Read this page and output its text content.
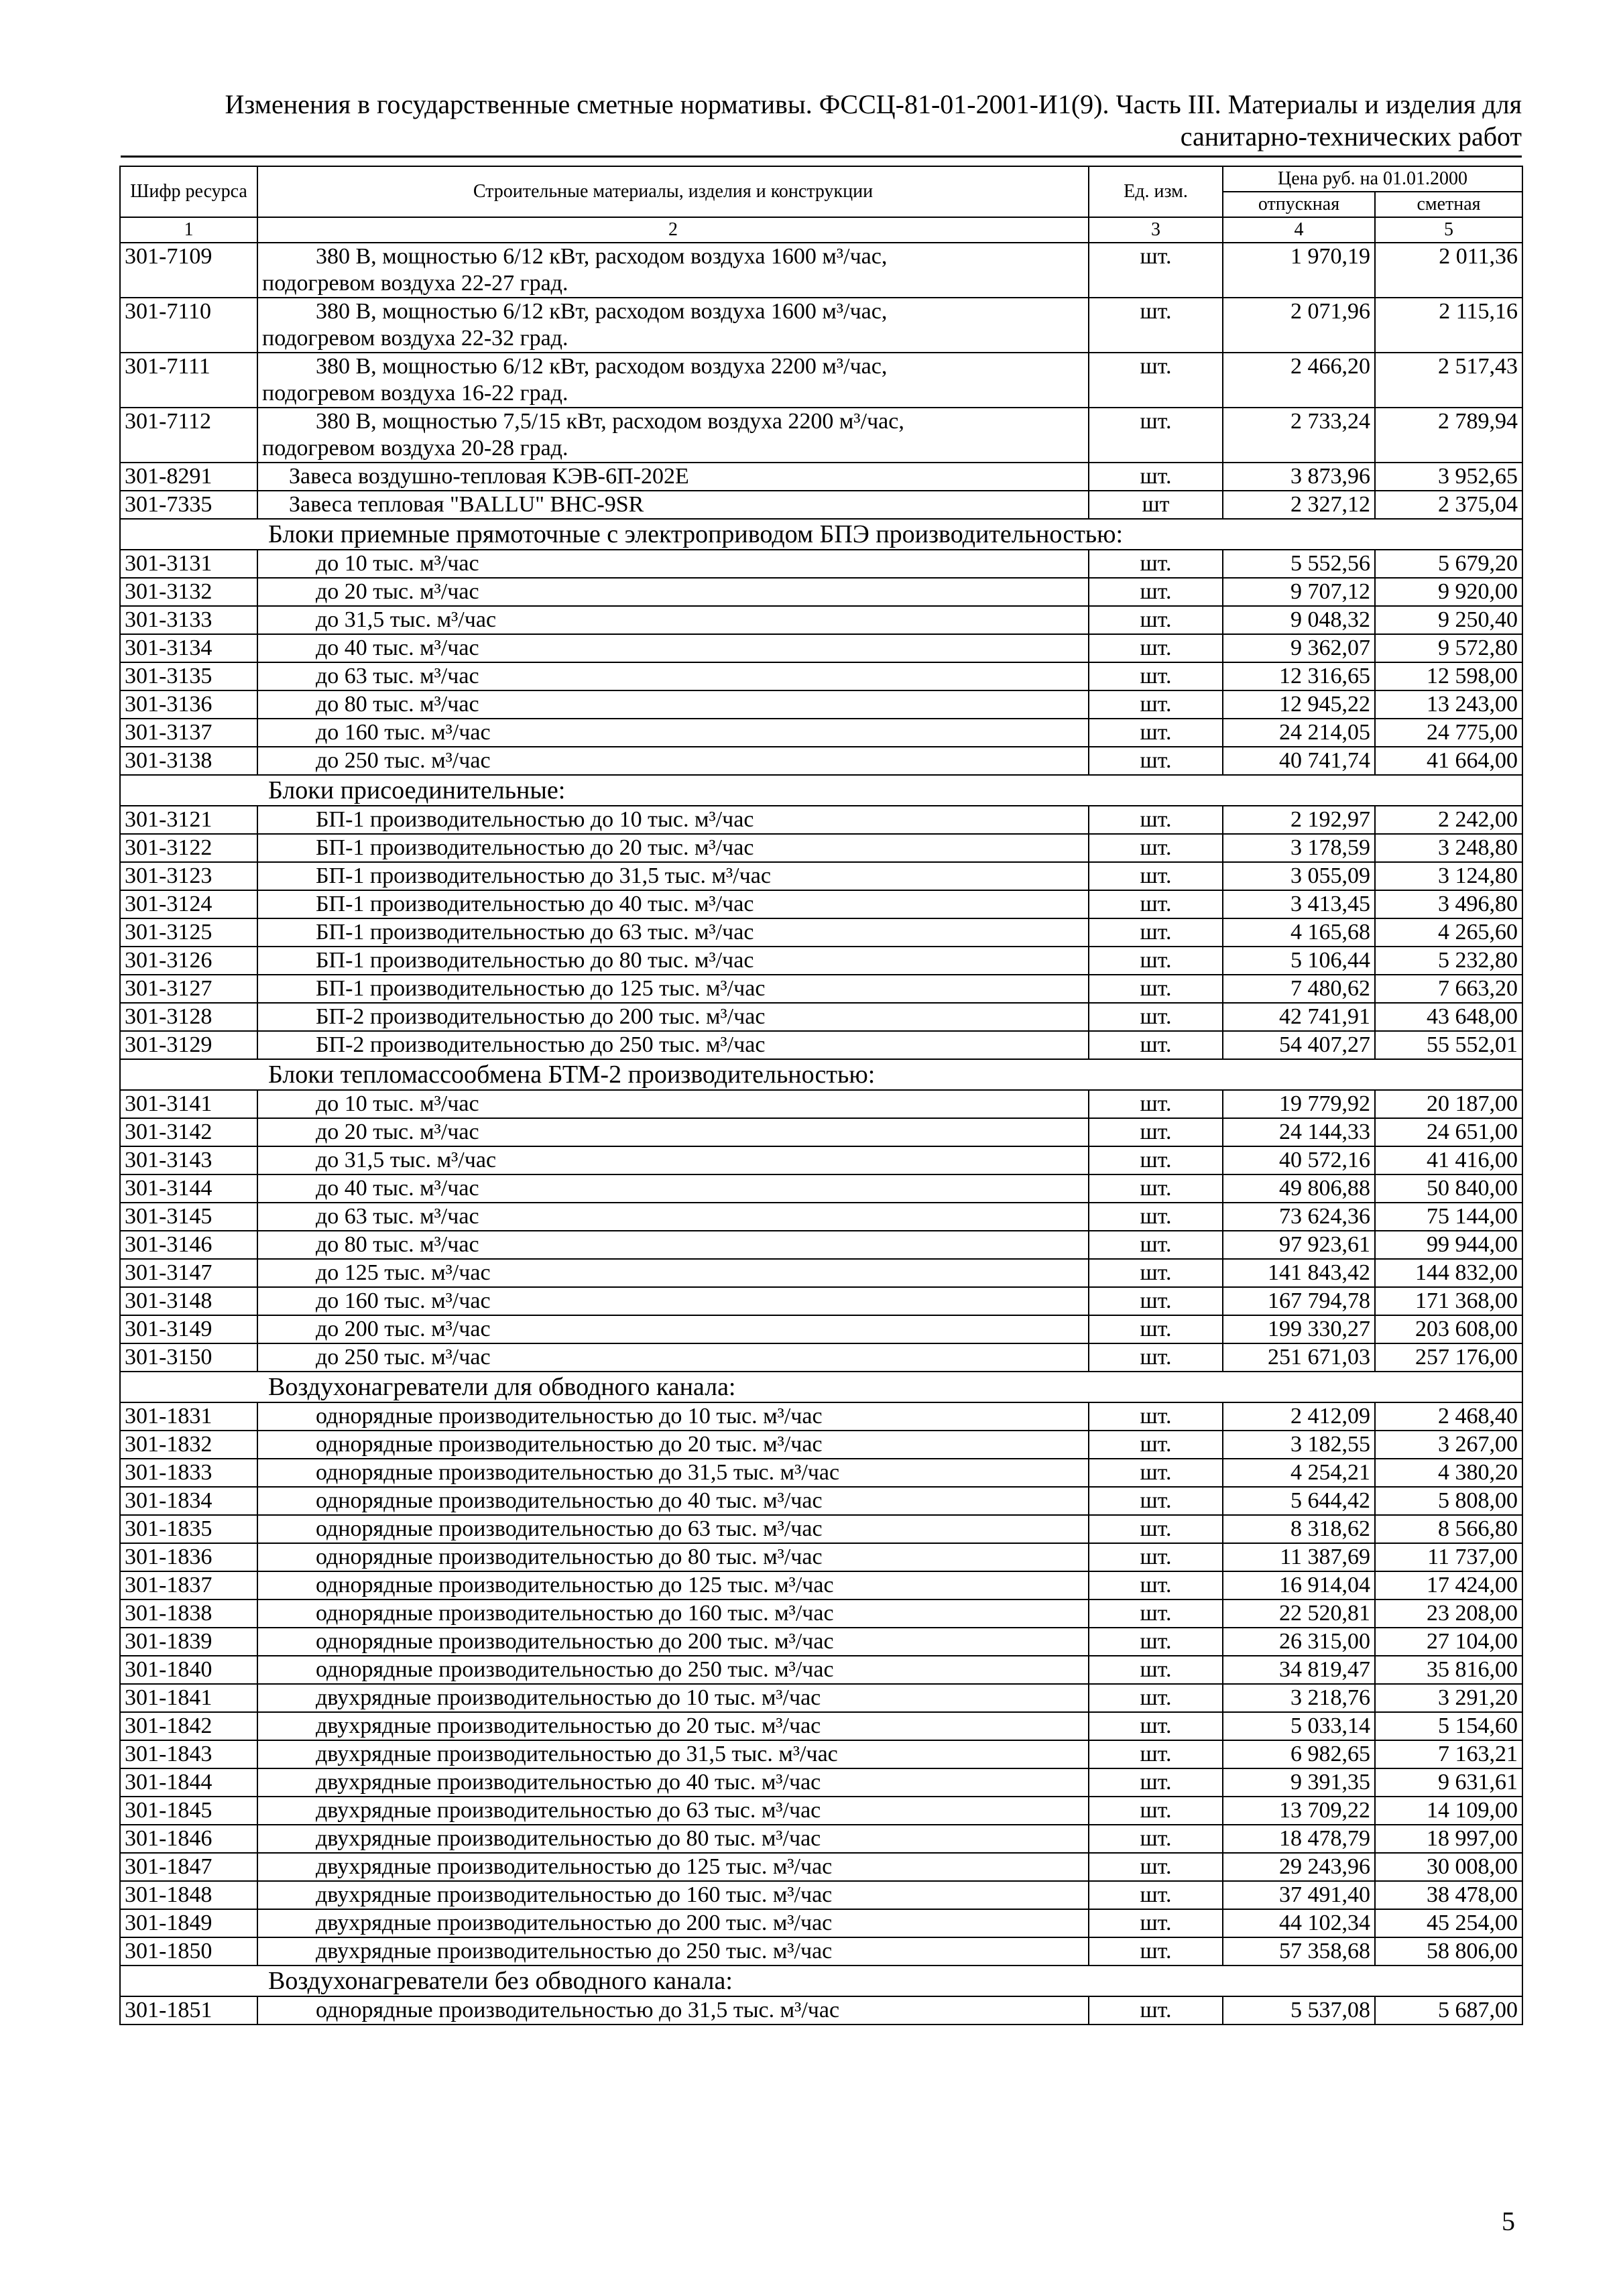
Изменения в государственные сметные нормативы. ФССЦ-81-01-2001-И1(9). Часть III. Материалы и изделия для
санитарно-технических работ
Шифр ресурса	Строительные материалы, изделия и конструкции	Ед. изм.	Цена руб. на 01.01.2000	
			отпускная	сметная
1	2	3	4	5
301-7109	380 В, мощностью 6/12 кВт, расходом воздуха 1600 м³/час,
подогревом воздуха 22-27 град.	шт.	1 970,19	2 011,36
301-7110	380 В, мощностью 6/12 кВт, расходом воздуха 1600 м³/час,
подогревом воздуха 22-32 град.	шт.	2 071,96	2 115,16
301-7111	380 В, мощностью 6/12 кВт, расходом воздуха 2200 м³/час,
подогревом воздуха 16-22 град.	шт.	2 466,20	2 517,43
301-7112	380 В, мощностью 7,5/15 кВт, расходом воздуха 2200 м³/час,
подогревом воздуха 20-28 град.	шт.	2 733,24	2 789,94
301-8291	Завеса воздушно-тепловая КЭВ-6П-202Е	шт.	3 873,96	3 952,65
301-7335	Завеса тепловая "BALLU" ВНС-9SR	шт	2 327,12	2 375,04
Блоки приемные прямоточные с электроприводом БПЭ производительностью:				
301-3131	до 10 тыс. м³/час	шт.	5 552,56	5 679,20
301-3132	до 20 тыс. м³/час	шт.	9 707,12	9 920,00
301-3133	до 31,5 тыс. м³/час	шт.	9 048,32	9 250,40
301-3134	до 40 тыс. м³/час	шт.	9 362,07	9 572,80
301-3135	до 63 тыс. м³/час	шт.	12 316,65	12 598,00
301-3136	до 80 тыс. м³/час	шт.	12 945,22	13 243,00
301-3137	до 160 тыс. м³/час	шт.	24 214,05	24 775,00
301-3138	до 250 тыс. м³/час	шт.	40 741,74	41 664,00
Блоки присоединительные:				
301-3121	БП-1 производительностью до 10 тыс. м³/час	шт.	2 192,97	2 242,00
301-3122	БП-1 производительностью до 20 тыс. м³/час	шт.	3 178,59	3 248,80
301-3123	БП-1 производительностью до 31,5 тыс. м³/час	шт.	3 055,09	3 124,80
301-3124	БП-1 производительностью до 40 тыс. м³/час	шт.	3 413,45	3 496,80
301-3125	БП-1 производительностью до 63 тыс. м³/час	шт.	4 165,68	4 265,60
301-3126	БП-1 производительностью до 80 тыс. м³/час	шт.	5 106,44	5 232,80
301-3127	БП-1 производительностью до 125 тыс. м³/час	шт.	7 480,62	7 663,20
301-3128	БП-2 производительностью до 200 тыс. м³/час	шт.	42 741,91	43 648,00
301-3129	БП-2 производительностью до 250 тыс. м³/час	шт.	54 407,27	55 552,01
Блоки тепломассообмена БТМ-2 производительностью:				
301-3141	до 10 тыс. м³/час	шт.	19 779,92	20 187,00
301-3142	до 20 тыс. м³/час	шт.	24 144,33	24 651,00
301-3143	до 31,5 тыс. м³/час	шт.	40 572,16	41 416,00
301-3144	до 40 тыс. м³/час	шт.	49 806,88	50 840,00
301-3145	до 63 тыс. м³/час	шт.	73 624,36	75 144,00
301-3146	до 80 тыс. м³/час	шт.	97 923,61	99 944,00
301-3147	до 125 тыс. м³/час	шт.	141 843,42	144 832,00
301-3148	до 160 тыс. м³/час	шт.	167 794,78	171 368,00
301-3149	до 200 тыс. м³/час	шт.	199 330,27	203 608,00
301-3150	до 250 тыс. м³/час	шт.	251 671,03	257 176,00
Воздухонагреватели для обводного канала:				
301-1831	однорядные производительностью до 10 тыс. м³/час	шт.	2 412,09	2 468,40
301-1832	однорядные производительностью до 20 тыс. м³/час	шт.	3 182,55	3 267,00
301-1833	однорядные производительностью до 31,5 тыс. м³/час	шт.	4 254,21	4 380,20
301-1834	однорядные производительностью до 40 тыс. м³/час	шт.	5 644,42	5 808,00
301-1835	однорядные производительностью до 63 тыс. м³/час	шт.	8 318,62	8 566,80
301-1836	однорядные производительностью до 80 тыс. м³/час	шт.	11 387,69	11 737,00
301-1837	однорядные производительностью до 125 тыс. м³/час	шт.	16 914,04	17 424,00
301-1838	однорядные производительностью до 160 тыс. м³/час	шт.	22 520,81	23 208,00
301-1839	однорядные производительностью до 200 тыс. м³/час	шт.	26 315,00	27 104,00
301-1840	однорядные производительностью до 250 тыс. м³/час	шт.	34 819,47	35 816,00
301-1841	двухрядные производительностью до 10 тыс. м³/час	шт.	3 218,76	3 291,20
301-1842	двухрядные производительностью до 20 тыс. м³/час	шт.	5 033,14	5 154,60
301-1843	двухрядные производительностью до 31,5 тыс. м³/час	шт.	6 982,65	7 163,21
301-1844	двухрядные производительностью до 40 тыс. м³/час	шт.	9 391,35	9 631,61
301-1845	двухрядные производительностью до 63 тыс. м³/час	шт.	13 709,22	14 109,00
301-1846	двухрядные производительностью до 80 тыс. м³/час	шт.	18 478,79	18 997,00
301-1847	двухрядные производительностью до 125 тыс. м³/час	шт.	29 243,96	30 008,00
301-1848	двухрядные производительностью до 160 тыс. м³/час	шт.	37 491,40	38 478,00
301-1849	двухрядные производительностью до 200 тыс. м³/час	шт.	44 102,34	45 254,00
301-1850	двухрядные производительностью до 250 тыс. м³/час	шт.	57 358,68	58 806,00
Воздухонагреватели без обводного канала:				
301-1851	однорядные производительностью до 31,5 тыс. м³/час	шт.	5 537,08	5 687,00
5
